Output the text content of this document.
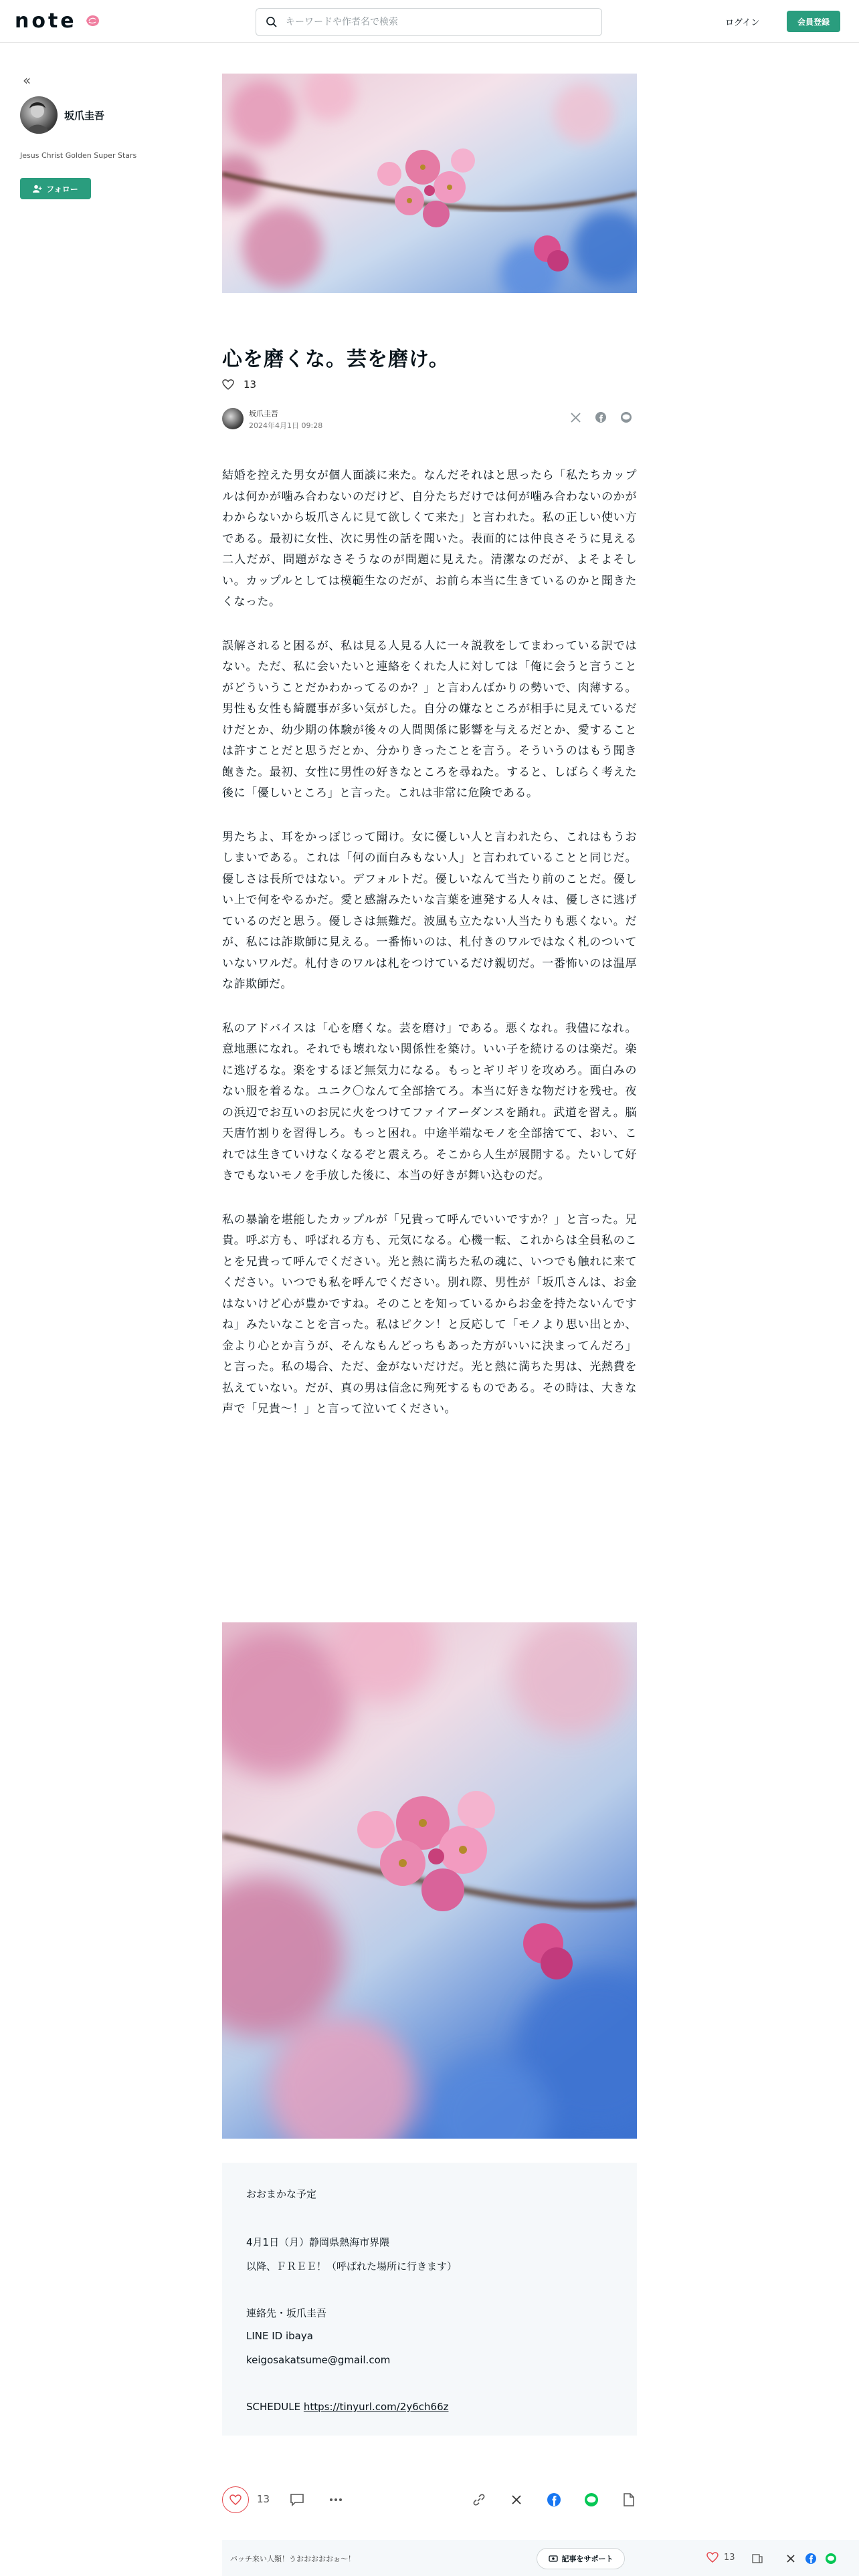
note
キーワードや作者名で検索	ログイン	会員登録
«
坂爪圭吾
Jesus Christ Golden Super Stars
フォロー
心を磨くな。芸を磨け。
13
坂爪圭吾
2024年4月1日 09:28

結婚を控えた男女が個人面談に来た。なんだそれはと思ったら「私たちカップルは何かが噛み合わないのだけど、自分たちだけでは何が噛み合わないのかがわからないから坂爪さんに見て欲しくて来た」と言われた。私の正しい使い方である。最初に女性、次に男性の話を聞いた。表面的には仲良さそうに見える二人だが、問題がなさそうなのが問題に見えた。清潔なのだが、よそよそしい。カップルとしては模範生なのだが、お前ら本当に生きているのかと聞きたくなった。

誤解されると困るが、私は見る人見る人に一々説教をしてまわっている訳ではない。ただ、私に会いたいと連絡をくれた人に対しては「俺に会うと言うことがどういうことだかわかってるのか？」と言わんばかりの勢いで、肉薄する。男性も女性も綺麗事が多い気がした。自分の嫌なところが相手に見えているだけだとか、幼少期の体験が後々の人間関係に影響を与えるだとか、愛することは許すことだと思うだとか、分かりきったことを言う。そういうのはもう聞き飽きた。最初、女性に男性の好きなところを尋ねた。すると、しばらく考えた後に「優しいところ」と言った。これは非常に危険である。

男たちよ、耳をかっぽじって聞け。女に優しい人と言われたら、これはもうおしまいである。これは「何の面白みもない人」と言われていることと同じだ。優しさは長所ではない。デフォルトだ。優しいなんて当たり前のことだ。優しい上で何をやるかだ。愛と感謝みたいな言葉を連発する人々は、優しさに逃げているのだと思う。優しさは無難だ。波風も立たない人当たりも悪くない。だが、私には詐欺師に見える。一番怖いのは、札付きのワルではなく札のついていないワルだ。札付きのワルは札をつけているだけ親切だ。一番怖いのは温厚な詐欺師だ。

私のアドバイスは「心を磨くな。芸を磨け」である。悪くなれ。我儘になれ。意地悪になれ。それでも壊れない関係性を築け。いい子を続けるのは楽だ。楽に逃げるな。楽をするほど無気力になる。もっとギリギリを攻めろ。面白みのない服を着るな。ユニク〇なんて全部捨てろ。本当に好きな物だけを残せ。夜の浜辺でお互いのお尻に火をつけてファイアーダンスを踊れ。武道を習え。脳天唐竹割りを習得しろ。もっと困れ。中途半端なモノを全部捨てて、おい、これでは生きていけなくなるぞと震えろ。そこから人生が展開する。たいして好きでもないモノを手放した後に、本当の好きが舞い込むのだ。

私の暴論を堪能したカップルが「兄貴って呼んでいいですか？」と言った。兄貴。呼ぶ方も、呼ばれる方も、元気になる。心機一転、これからは全員私のことを兄貴って呼んでください。光と熱に満ちた私の魂に、いつでも触れに来てください。いつでも私を呼んでください。別れ際、男性が「坂爪さんは、お金はないけど心が豊かですね。そのことを知っているからお金を持たないんですね」みたいなことを言った。私はピクン！と反応して「モノより思い出とか、金より心とか言うが、そんなもんどっちもあった方がいいに決まってんだろ」と言った。私の場合、ただ、金がないだけだ。光と熱に満ちた男は、光熱費を払えていない。だが、真の男は信念に殉死するものである。その時は、大きな声で「兄貴〜！」と言って泣いてください。

おおまかな予定
4月1日（月）静岡県熱海市界隈
以降、ＦＲＥＥ！（呼ばれた場所に行きます）
連絡先・坂爪圭吾
LINE ID ibaya
keigosakatsume@gmail.com
SCHEDULE https://tinyurl.com/2y6ch66z
13
バッチ来い人類！うおおおおおぉ〜！	記事をサポート	13
